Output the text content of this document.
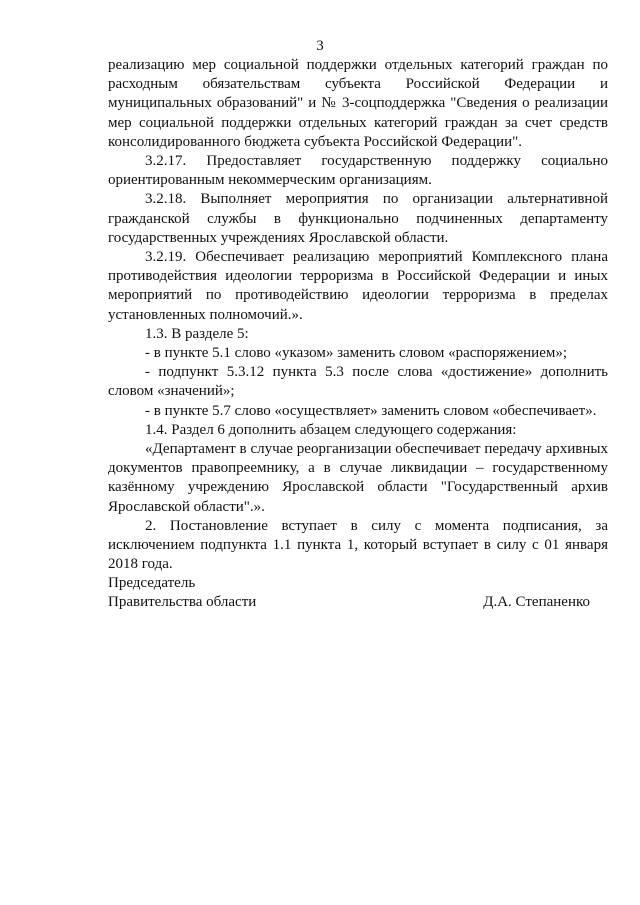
3

реализацию мер социальной поддержки отдельных категорий граждан по расходным обязательствам субъекта Российской Федерации и муниципальных образований" и № 3-соцподдержка "Сведения о реализации мер социальной поддержки отдельных категорий граждан за счет средств консолидированного бюджета субъекта Российской Федерации".

3.2.17. Предоставляет государственную поддержку социально ориентированным некоммерческим организациям.

3.2.18. Выполняет мероприятия по организации альтернативной гражданской службы в функционально подчиненных департаменту государственных учреждениях Ярославской области.

3.2.19. Обеспечивает реализацию мероприятий Комплексного плана противодействия идеологии терроризма в Российской Федерации и иных мероприятий по противодействию идеологии терроризма в пределах установленных полномочий.».

1.3. В разделе 5:

- в пункте 5.1 слово «указом» заменить словом «распоряжением»;

- подпункт 5.3.12 пункта 5.3 после слова «достижение» дополнить словом «значений»;

- в пункте 5.7 слово «осуществляет» заменить словом «обеспечивает».

1.4. Раздел 6 дополнить абзацем следующего содержания:

«Департамент в случае реорганизации обеспечивает передачу архивных документов правопреемнику, а в случае ликвидации – государственному казённому учреждению Ярославской области "Государственный архив Ярославской области".».

2. Постановление вступает в силу с момента подписания, за исключением подпункта 1.1 пункта 1, который вступает в силу с 01 января 2018 года.

Председатель
Правительства области	Д.А. Степаненко
